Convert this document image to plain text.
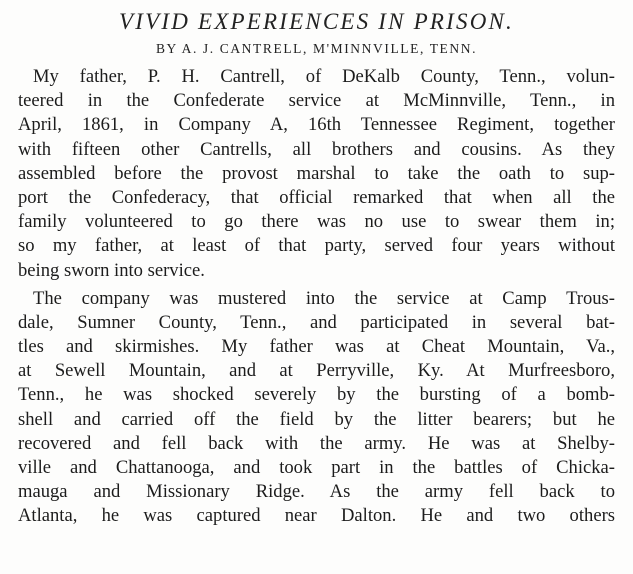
VIVID EXPERIENCES IN PRISON.
BY A. J. CANTRELL, M'MINNVILLE, TENN.
My father, P. H. Cantrell, of DeKalb County, Tenn., volun-
teered in the Confederate service at McMinnville, Tenn., in
April, 1861, in Company A, 16th Tennessee Regiment, together
with fifteen other Cantrells, all brothers and cousins. As they
assembled before the provost marshal to take the oath to sup-
port the Confederacy, that official remarked that when all the
family volunteered to go there was no use to swear them in;
so my father, at least of that party, served four years without
being sworn into service.
The company was mustered into the service at Camp Trous-
dale, Sumner County, Tenn., and participated in several bat-
tles and skirmishes. My father was at Cheat Mountain, Va.,
at Sewell Mountain, and at Perryville, Ky. At Murfreesboro,
Tenn., he was shocked severely by the bursting of a bomb-
shell and carried off the field by the litter bearers; but he
recovered and fell back with the army. He was at Shelby-
ville and Chattanooga, and took part in the battles of Chicka-
mauga and Missionary Ridge. As the army fell back to
Atlanta, he was captured near Dalton. He and two others
